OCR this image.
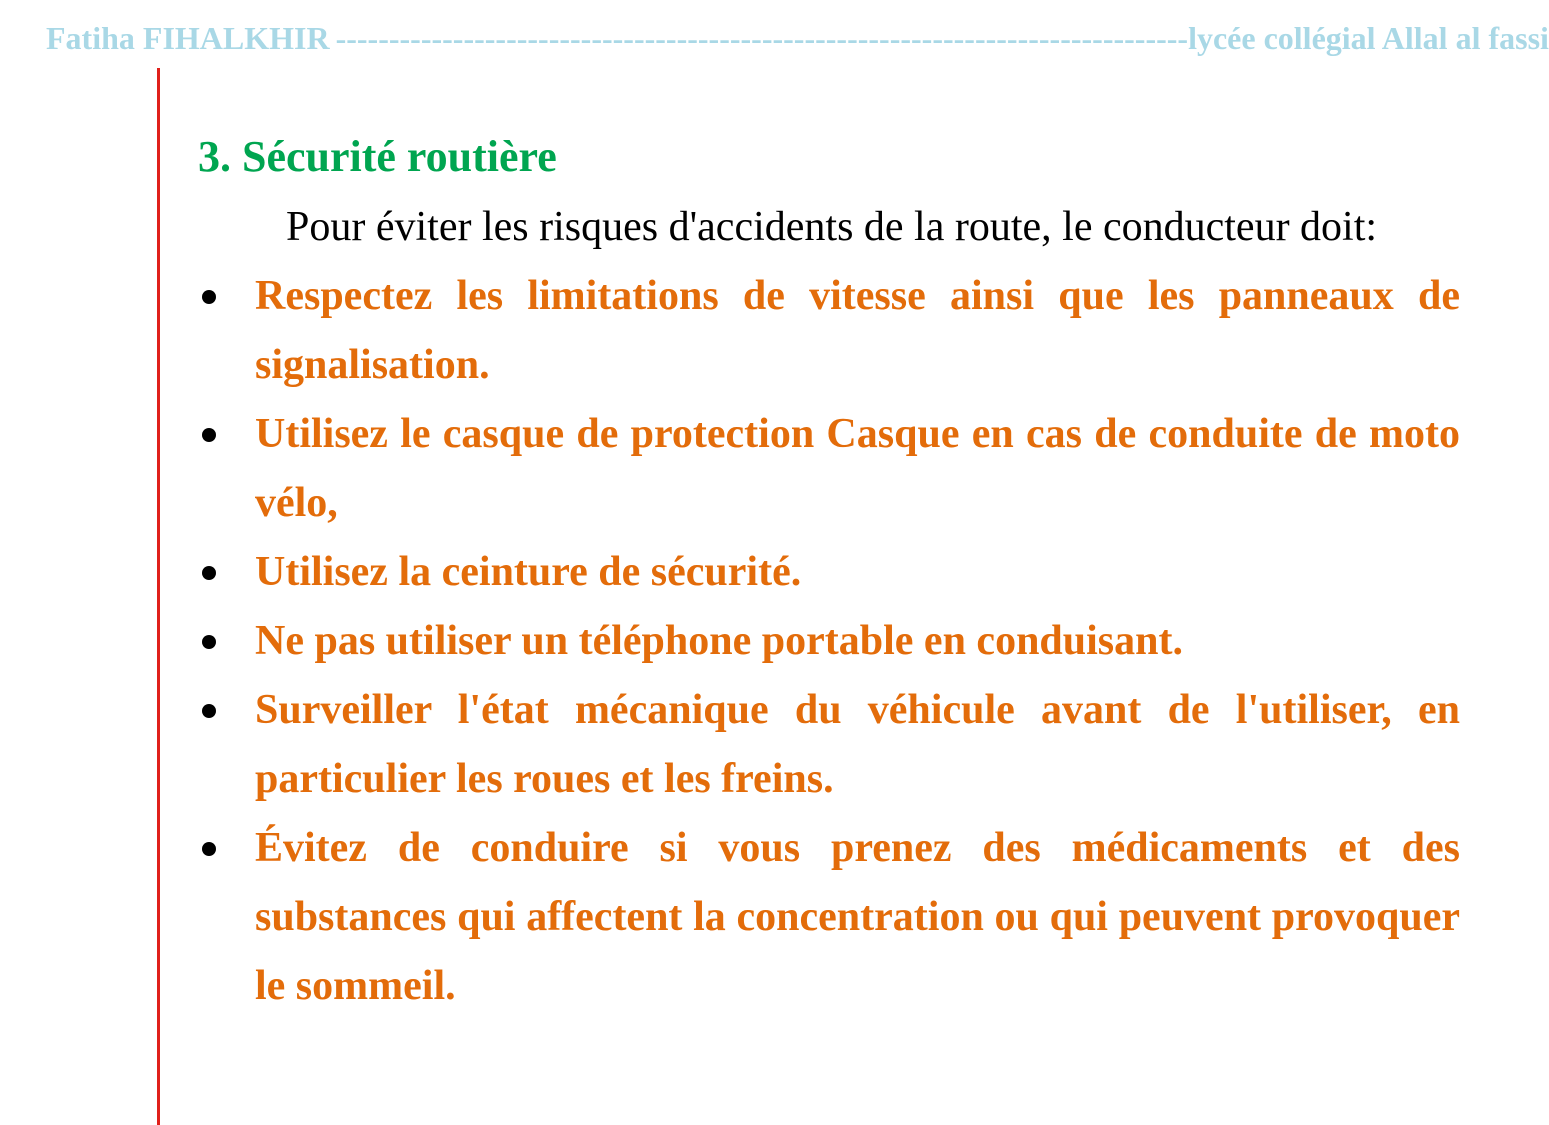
Fatiha FIHALKHIR -------------------------------------------------------------------------------- lycée collégial Allal al fassi
3. Sécurité routière

Pour éviter les risques d'accidents de la route, le conducteur doit:

Respectez les limitations de vitesse ainsi que les panneaux de signalisation.
Utilisez le casque de protection Casque en cas de conduite de moto vélo,
Utilisez la ceinture de sécurité.
Ne pas utiliser un téléphone portable en conduisant.
Surveiller l'état mécanique du véhicule avant de l'utiliser, en particulier les roues et les freins.
Évitez de conduire si vous prenez des médicaments et des substances qui affectent la concentration ou qui peuvent provoquer le sommeil.
